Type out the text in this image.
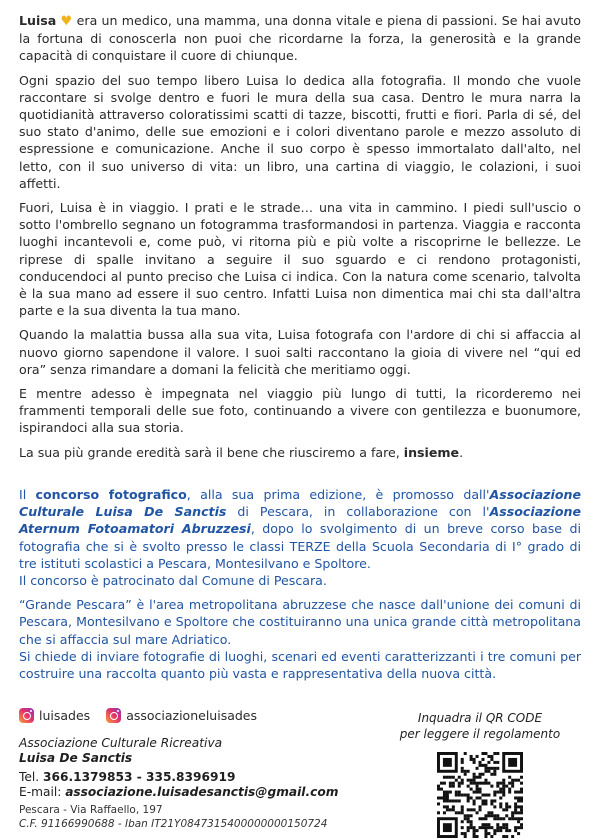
Luisa ♥ era un medico, una mamma, una donna vitale e piena di passioni. Se hai avuto la fortuna di conoscerla non puoi che ricordarne la forza, la generosità e la grande capacità di conquistare il cuore di chiunque.

Ogni spazio del suo tempo libero Luisa lo dedica alla fotografia. Il mondo che vuole raccontare si svolge dentro e fuori le mura della sua casa. Dentro le mura narra la quotidianità attraverso coloratissimi scatti di tazze, biscotti, frutti e fiori. Parla di sé, del suo stato d'animo, delle sue emozioni e i colori diventano parole e mezzo assoluto di espressione e comunicazione. Anche il suo corpo è spesso immortalato dall'alto, nel letto, con il suo universo di vita: un libro, una cartina di viaggio, le colazioni, i suoi affetti.

Fuori, Luisa è in viaggio. I prati e le strade… una vita in cammino. I piedi sull'uscio o sotto l'ombrello segnano un fotogramma trasformandosi in partenza. Viaggia e racconta luoghi incantevoli e, come può, vi ritorna più e più volte a riscoprirne le bellezze. Le riprese di spalle invitano a seguire il suo sguardo e ci rendono protagonisti, conducendoci al punto preciso che Luisa ci indica. Con la natura come scenario, talvolta è la sua mano ad essere il suo centro. Infatti Luisa non dimentica mai chi sta dall'altra parte e la sua diventa la tua mano.

Quando la malattia bussa alla sua vita, Luisa fotografa con l'ardore di chi si affaccia al nuovo giorno sapendone il valore. I suoi salti raccontano la gioia di vivere nel “qui ed ora” senza rimandare a domani la felicità che meritiamo oggi.

E mentre adesso è impegnata nel viaggio più lungo di tutti, la ricorderemo nei frammenti temporali delle sue foto, continuando a vivere con gentilezza e buonumore, ispirandoci alla sua storia.

La sua più grande eredità sarà il bene che riusciremo a fare, insieme.

Il concorso fotografico, alla sua prima edizione, è promosso dall'Associazione Culturale Luisa De Sanctis di Pescara, in collaborazione con l'Associazione Aternum Fotoamatori Abruzzesi, dopo lo svolgimento di un breve corso base di fotografia che si è svolto presso le classi TERZE della Scuola Secondaria di I° grado di tre istituti scolastici a Pescara, Montesilvano e Spoltore.
Il concorso è patrocinato dal Comune di Pescara.

“Grande Pescara” è l'area metropolitana abruzzese che nasce dall'unione dei comuni di Pescara, Montesilvano e Spoltore che costituiranno una unica grande città metropolitana che si affaccia sul mare Adriatico.
Si chiede di inviare fotografie di luoghi, scenari ed eventi caratterizzanti i tre comuni per costruire una raccolta quanto più vasta e rappresentativa della nuova città.

luisades	associazioneluisades
Associazione Culturale Ricreativa
Luisa De Sanctis
Tel. 366.1379853 - 335.8396919
E-mail: associazione.luisadesanctis@gmail.com
Pescara - Via Raffaello, 197
C.F. 91166990688 - Iban IT21Y0847315400000000150724
Inquadra il QR CODE
per leggere il regolamento
